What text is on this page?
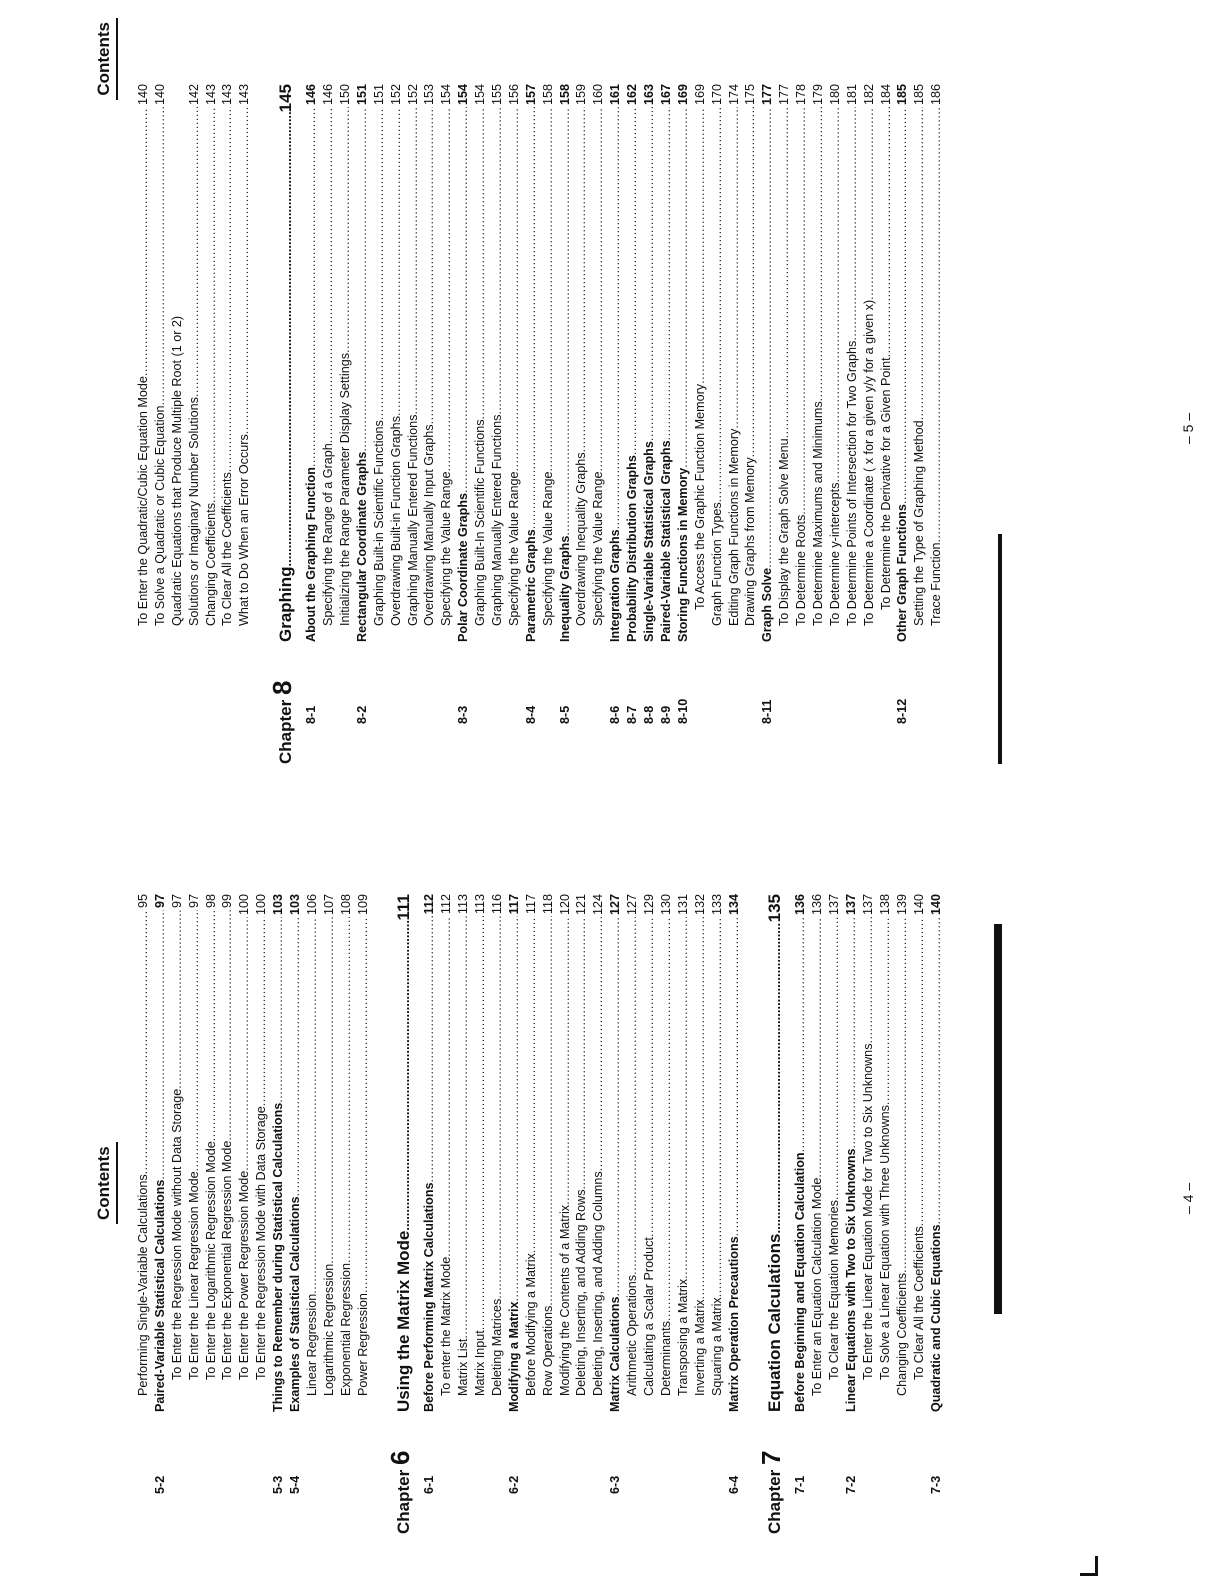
Contents	Performing Single-Variable Calculations
.....
95
5-2
Paired-Variable Statistical Calculations
.....
97
To Enter the Regression Mode without Data Storage
.....
97
To Enter the Linear Regression Mode
.....
97
To Enter the Logarithmic Regression Mode
.....
98
To Enter the Exponential Regression Mode
.....
99
To Enter the Power Regression Mode
.....
100
To Enter the Regression Mode with Data Storage
.....
100
5-3
Things to Remember during Statistical Calculations
.....
103
5-4
Examples of Statistical Calculations
.....
103
Linear Regression
.....
106
Logarithmic Regression
.....
107
Exponential Regression
.....
108
Power Regression
.....
109
Chapter 6
Using the Matrix Mode
.....
111
6-1
Before Performing Matrix Calculations
.....
112
To enter the Matrix Mode
.....
112
Matrix List
.....
113
Matrix Input
.....
113
Deleting Matrices
.....
116
6-2
Modifying a Matrix
.....
117
Before Modifying a Matrix
.....
117
Row Operations
.....
118
Modifying the Contents of a Matrix
.....
120
Deleting, Inserting, and Adding Rows
.....
121
Deleting, Inserting, and Adding Columns
.....
124
6-3
Matrix Calculations
.....
127
Arithmetic Operations
.....
127
Calculating a Scalar Product
.....
129
Determinants
.....
130
Transposing a Matrix
.....
131
Inverting a Matrix
.....
132
Squaring a Matrix
.....
133
6-4
Matrix Operation Precautions
.....
134
Chapter 7
Equation Calculations
.....
135
7-1
Before Beginning and Equation Calculation
.....
136
To Enter an Equation Calculation Mode
.....
136
To Clear the Equation Memories
.....
137
7-2
Linear Equations with Two to Six Unknowns
.....
137
To Enter the Linear Equation Mode for Two to Six Unknowns
.....
137
To Solve a Linear Equation with Three Unknowns
.....
138
Changing Coefficients
.....
139
To Clear All the Coefficients
.....
140
7-3
Quadratic and Cubic Equations
.....
140
– 4 –
Contents
To Enter the Quadratic/Cubic Equation Mode
.....
140
To Solve a Quadratic or Cubic Equation
.....
140
Quadratic Equations that Produce Multiple Root (1 or 2) Solutions or Imaginary Number Solutions
.....
142
Changing Coefficients
.....
143
To Clear All the Coefficients
.....
143
What to Do When an Error Occurs
.....
143
Chapter 8
Graphing
.....
145
8-1
About the Graphing Function
.....
146
Specifying the Range of a Graph
.....
146
Initializing the Range Parameter Display Settings
.....
150
8-2
Rectangular Coordinate Graphs
.....
151
Graphing Built-in Scientific Functions
.....
151
Overdrawing Built-in Function Graphs
.....
152
Graphing Manually Entered Functions
.....
152
Overdrawing Manually Input Graphs
.....
153
Specifying the Value Range
.....
154
8-3
Polar Coordinate Graphs
.....
154
Graphing Built-In Scientific Functions
.....
154
Graphing Manually Entered Functions
.....
155
Specifying the Value Range
.....
156
8-4
Parametric Graphs
.....
157
Specifying the Value Range
.....
158
8-5
Inequality Graphs
.....
158
Overdrawing Inequality Graphs
.....
159
Specifying the Value Range
.....
160
8-6
Integration Graphs
.....
161
8-7
Probability Distribution Graphs
.....
162
8-8
Single-Variable Statistical Graphs
.....
163
8-9
Paired-Variable Statistical Graphs
.....
167
8-10
Storing Functions in Memory
.....
169
To Access the Graphic Function Memory
.....
169
Graph Function Types
.....
170
Editing Graph Functions in Memory
.....
174
Drawing Graphs from Memory
.....
175
8-11
Graph Solve
.....
177
To Display the Graph Solve Menu
.....
177
To Determine Roots
.....
178
To Determine Maximums and Minimums
.....
179
To Determine y-intercepts
.....
180
To Determine Points of Intersection for Two Graphs
.....
181
To Determine a Coordinate ( x for a given y/y for a given x)
.....
182
To Determine the Derivative for a Given Point
.....
184
8-12
Other Graph Functions
.....
185
Setting the Type of Graphing Method
.....
185
Trace Function
.....
186
– 5 –
